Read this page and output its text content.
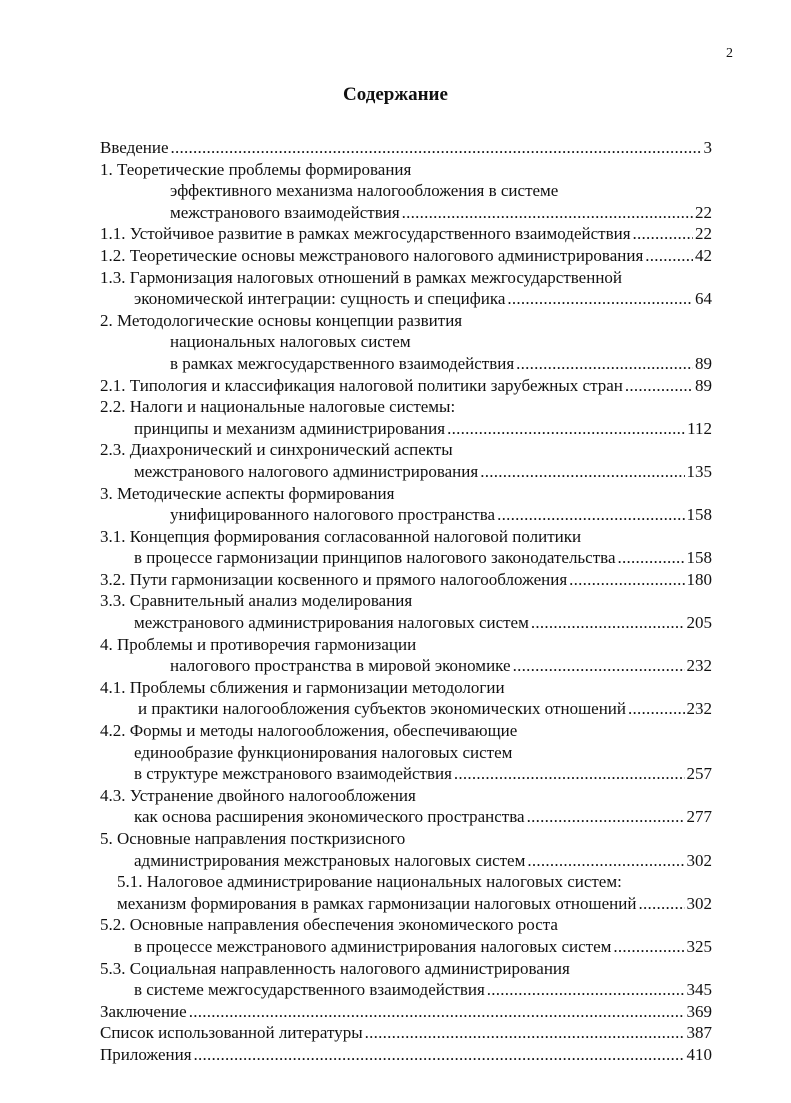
2
Содержание
Введение . . .	3
1. Теоретические проблемы формирования
эффективного механизма налогообложения в системе
межстранового взаимодействия . . .	22
1.1. Устойчивое развитие в рамках межгосударственного взаимодействия . . .	22
1.2. Теоретические основы межстранового налогового администрирования . . .	42
1.3. Гармонизация налоговых отношений в рамках межгосударственной
экономической интеграции: сущность и специфика . . .	64
2. Методологические основы концепции развития
национальных налоговых систем
в рамках межгосударственного взаимодействия . . .	89
2.1. Типология и классификация налоговой политики зарубежных стран . . .	89
2.2. Налоги и национальные налоговые системы:
принципы и механизм администрирования . . .	112
2.3. Диахронический и синхронический аспекты
межстранового налогового администрирования . . .	135
3. Методические аспекты формирования
унифицированного налогового пространства . . .	158
3.1. Концепция формирования согласованной налоговой политики
в процессе гармонизации принципов налогового законодательства . . .	158
3.2. Пути гармонизации косвенного и прямого налогообложения . . .	180
3.3. Сравнительный анализ моделирования
межстранового администрирования налоговых систем . . .	205
4. Проблемы и противоречия гармонизации
налогового пространства в мировой экономике . . .	232
4.1. Проблемы сближения и гармонизации методологии
и практики налогообложения субъектов экономических отношений . . .	232
4.2. Формы и методы налогообложения, обеспечивающие
единообразие функционирования налоговых систем
в структуре межстранового взаимодействия . . .	257
4.3. Устранение двойного налогообложения
как основа расширения экономического пространства . . .	277
5. Основные направления посткризисного
администрирования межстрановых налоговых систем . . .	302
5.1. Налоговое администрирование национальных налоговых систем:
механизм формирования в рамках гармонизации налоговых отношений . . .	302
5.2. Основные направления обеспечения экономического роста
в процессе межстранового администрирования налоговых систем . . .	325
5.3. Социальная направленность налогового администрирования
в системе межгосударственного взаимодействия . . .	345
Заключение . . .	369
Список использованной литературы . . .	387
Приложения . . .	410
